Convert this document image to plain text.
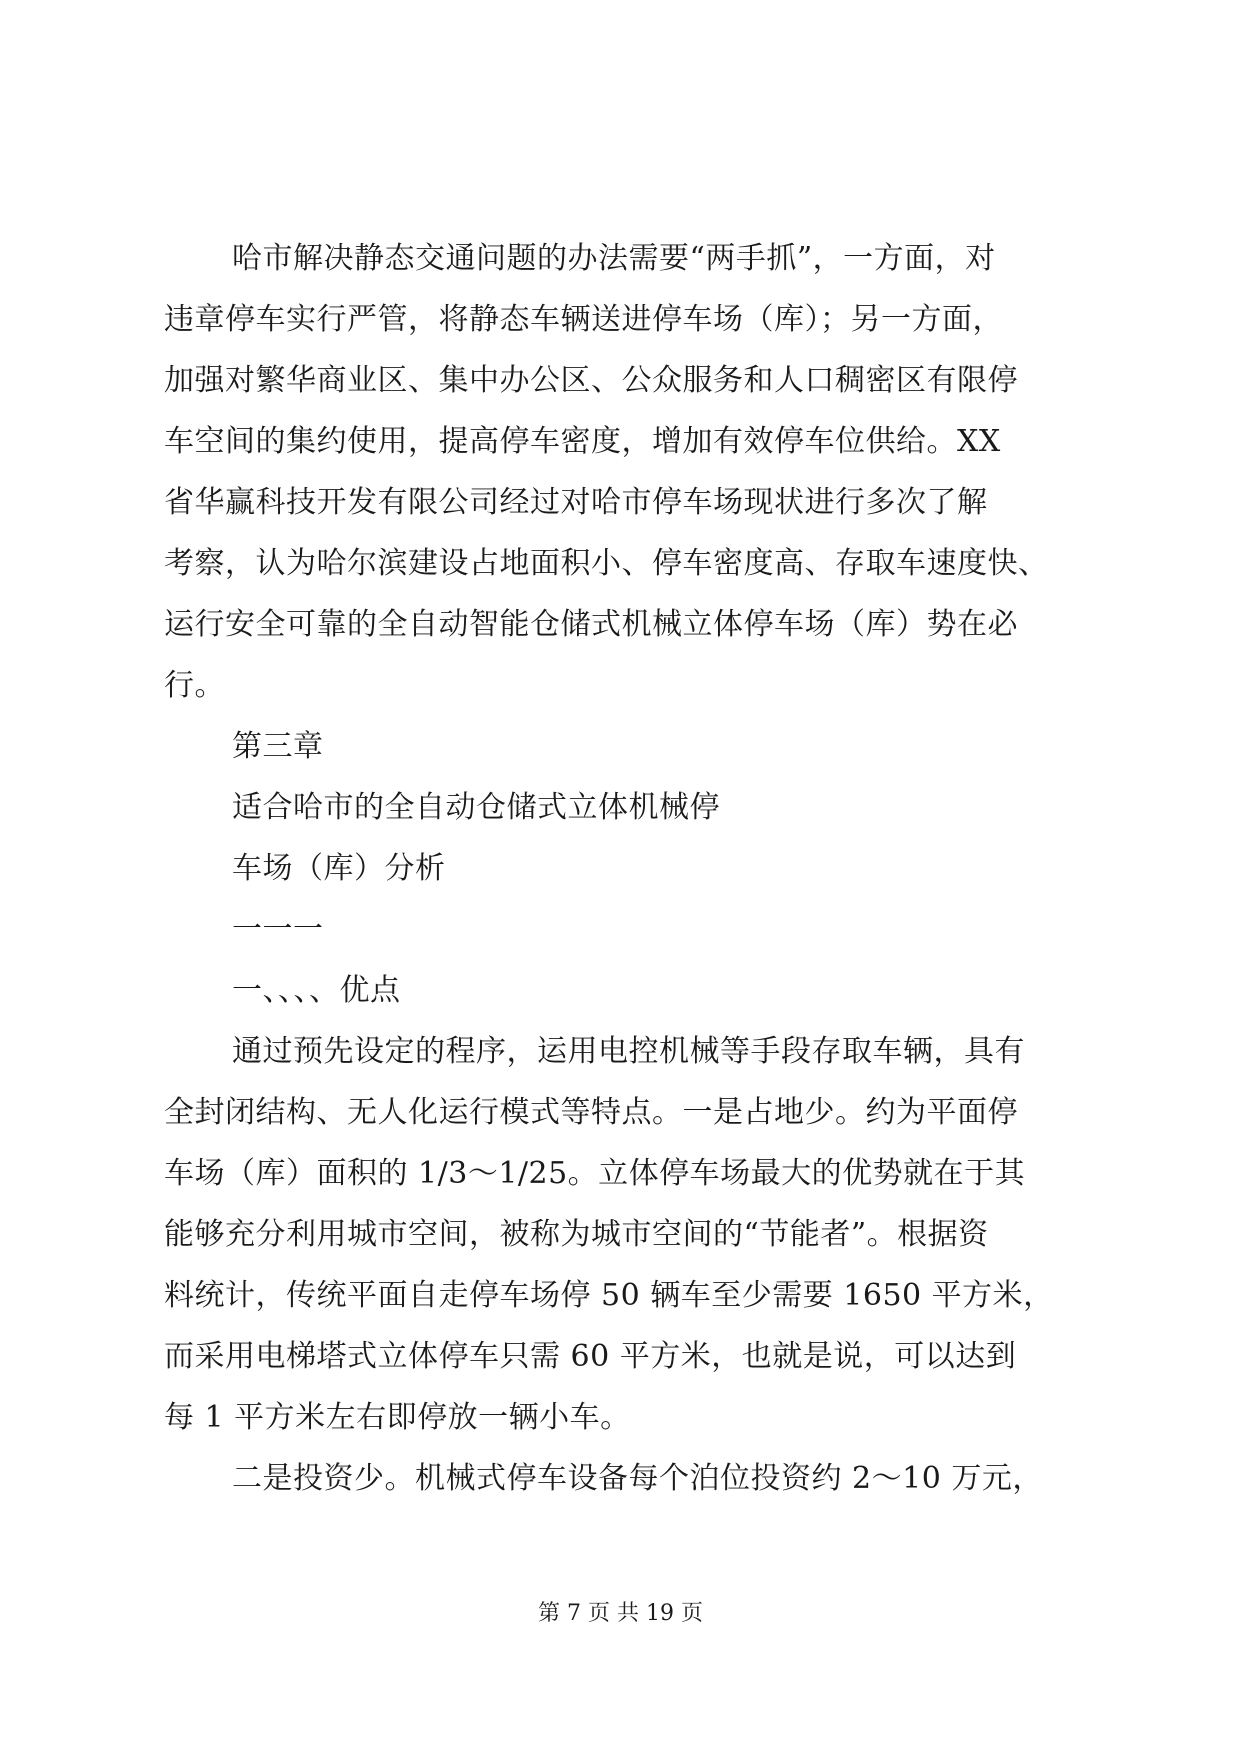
哈市解决静态交通问题的办法需要“两手抓”，一方面，对
违章停车实行严管，将静态车辆送进停车场（库）；另一方面，
加强对繁华商业区、集中办公区、公众服务和人口稠密区有限停
车空间的集约使用，提高停车密度，增加有效停车位供给。XX
省华赢科技开发有限公司经过对哈市停车场现状进行多次了解
考察，认为哈尔滨建设占地面积小、停车密度高、存取车速度快、
运行安全可靠的全自动智能仓储式机械立体停车场（库）势在必
行。
第三章
适合哈市的全自动仓储式立体机械停
车场（库）分析
一一一
一、、、、优点
通过预先设定的程序，运用电控机械等手段存取车辆，具有
全封闭结构、无人化运行模式等特点。一是占地少。约为平面停
车场（库）面积的 1/3～1/25。立体停车场最大的优势就在于其
能够充分利用城市空间，被称为城市空间的“节能者”。根据资
料统计，传统平面自走停车场停 50 辆车至少需要 1650 平方米，
而采用电梯塔式立体停车只需 60 平方米，也就是说，可以达到
每 1 平方米左右即停放一辆小车。
二是投资少。机械式停车设备每个泊位投资约 2～10 万元，
第 7 页 共 19 页
